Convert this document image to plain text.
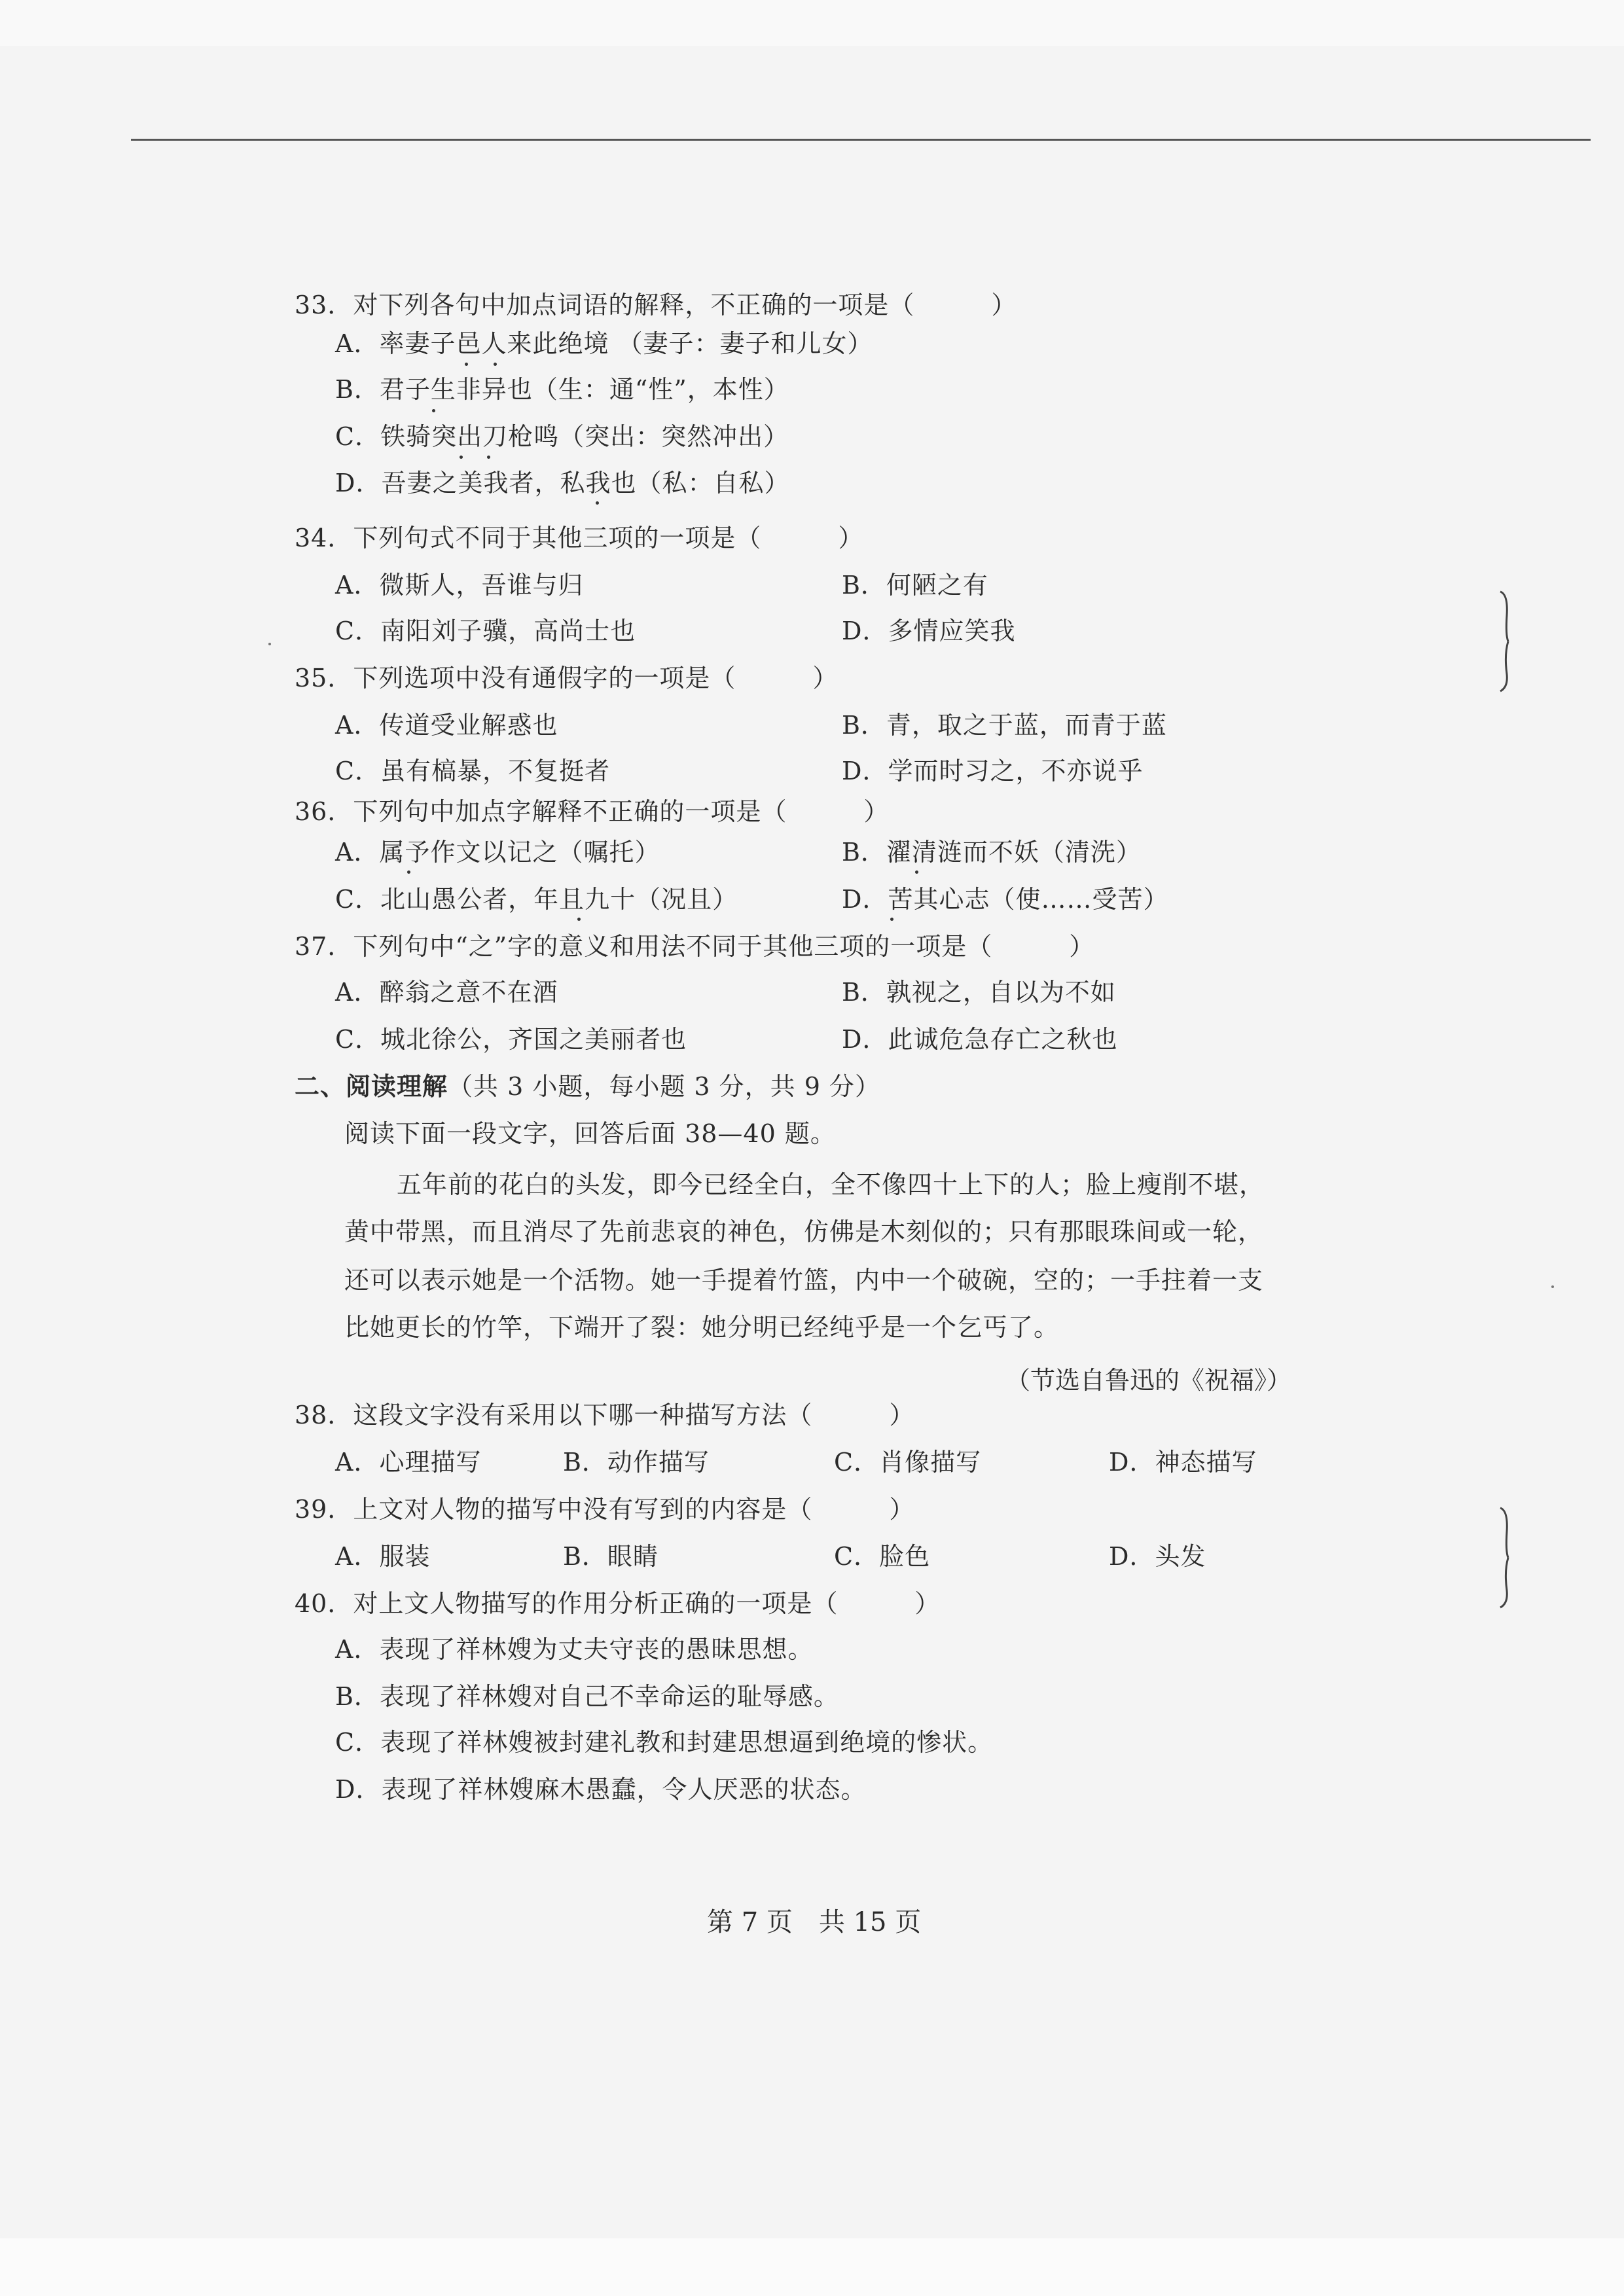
33．对下列各句中加点词语的解释，不正确的一项是（　　　）
A．率妻子邑人来此绝境 （妻子：妻子和儿女）
B．君子生非异也（生：通“性”，本性）
C．铁骑突出刀枪鸣（突出：突然冲出）
D．吾妻之美我者，私我也（私：自私）
34．下列句式不同于其他三项的一项是（　　　）
A．微斯人，吾谁与归	B．何陋之有
C．南阳刘子骥，高尚士也	D．多情应笑我
35．下列选项中没有通假字的一项是（　　　）
A．传道受业解惑也	B．青，取之于蓝，而青于蓝
C．虽有槁暴，不复挺者	D．学而时习之，不亦说乎
36．下列句中加点字解释不正确的一项是（　　　）
A．属予作文以记之（嘱托）	B．濯清涟而不妖（清洗）
C．北山愚公者，年且九十（况且）	D．苦其心志（使……受苦）
37．下列句中“之”字的意义和用法不同于其他三项的一项是（　　　）
A．醉翁之意不在酒	B．孰视之，自以为不如
C．城北徐公，齐国之美丽者也	D．此诚危急存亡之秋也
二、阅读理解（共 3 小题，每小题 3 分，共 9 分）
阅读下面一段文字，回答后面 38—40 题。
五年前的花白的头发，即今已经全白，全不像四十上下的人；脸上瘦削不堪，
黄中带黑，而且消尽了先前悲哀的神色，仿佛是木刻似的；只有那眼珠间或一轮，
还可以表示她是一个活物。她一手提着竹篮，内中一个破碗，空的；一手拄着一支
比她更长的竹竿，下端开了裂：她分明已经纯乎是一个乞丐了。
（节选自鲁迅的《祝福》）
38．这段文字没有采用以下哪一种描写方法（　　　）
A．心理描写	B．动作描写	C．肖像描写	D．神态描写
39．上文对人物的描写中没有写到的内容是（　　　）
A．服装	B．眼睛	C．脸色	D．头发
40．对上文人物描写的作用分析正确的一项是（　　　）
A．表现了祥林嫂为丈夫守丧的愚昧思想。
B．表现了祥林嫂对自己不幸命运的耻辱感。
C．表现了祥林嫂被封建礼教和封建思想逼到绝境的惨状。
D．表现了祥林嫂麻木愚蠢，令人厌恶的状态。
第 7 页　共 15 页
